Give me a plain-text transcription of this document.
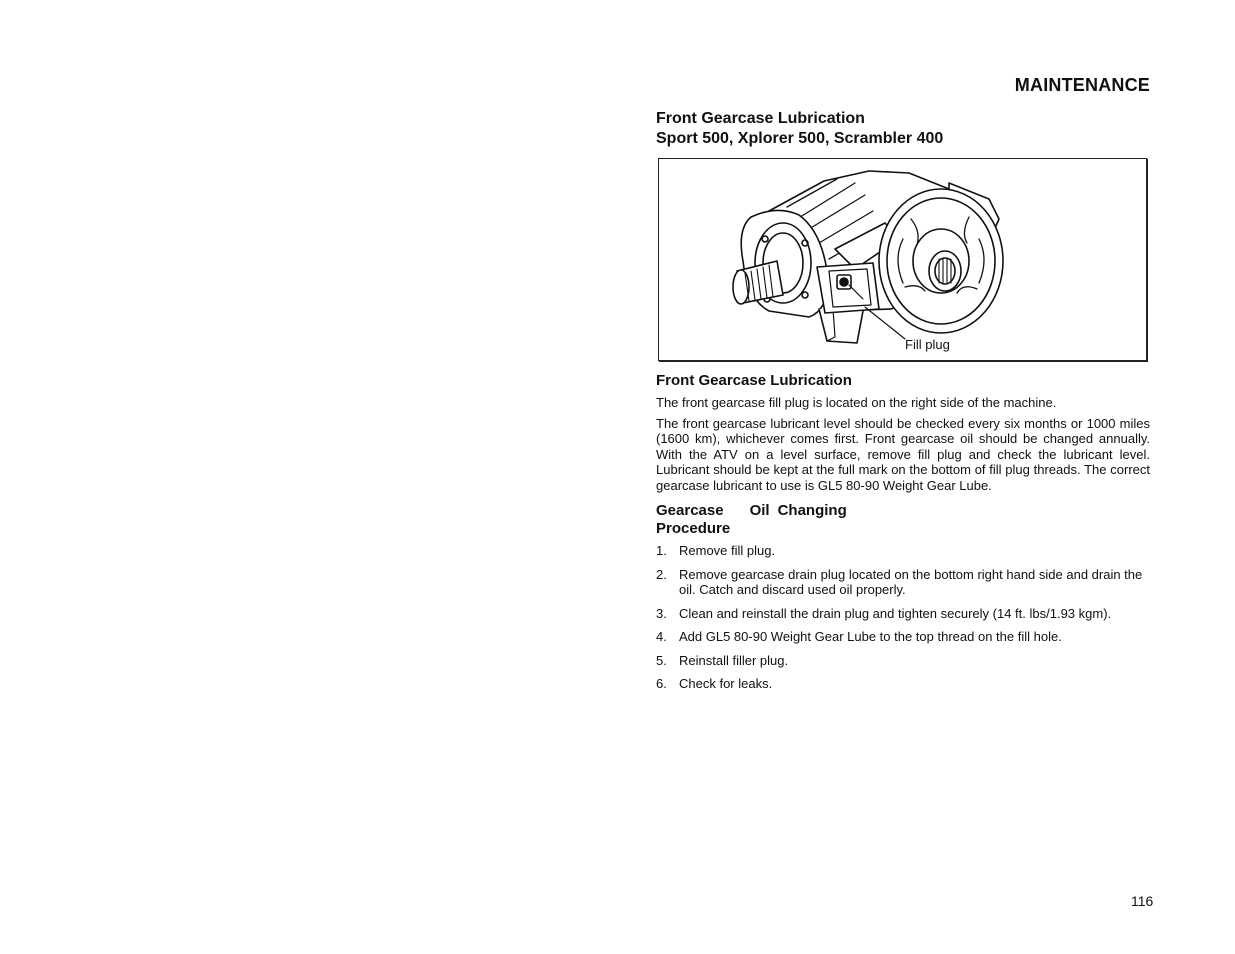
MAINTENANCE
Front Gearcase Lubrication
Sport 500, Xplorer 500, Scrambler 400
Fill plug
Front Gearcase Lubrication

The front gearcase fill plug is located on the right side of the machine.

The front gearcase lubricant level should be checked every six months or 1000 miles (1600 km), whichever comes first. Front gearcase oil should be changed annually. With the ATV on a level surface, remove fill plug and check the lubricant level. Lubricant should be kept at the full mark on the bottom of fill plug threads. The correct gearcase lubricant to use is GL5 80-90 Weight Gear Lube.

Gearcase Oil Changing
Procedure
1. Remove fill plug.
2. Remove gearcase drain plug located on the bottom right hand side and drain the oil. Catch and discard used oil properly.
3. Clean and reinstall the drain plug and tighten securely (14 ft. lbs/1.93 kgm).
4. Add GL5 80-90 Weight Gear Lube to the top thread on the fill hole.
5. Reinstall filler plug.
6. Check for leaks.
116
